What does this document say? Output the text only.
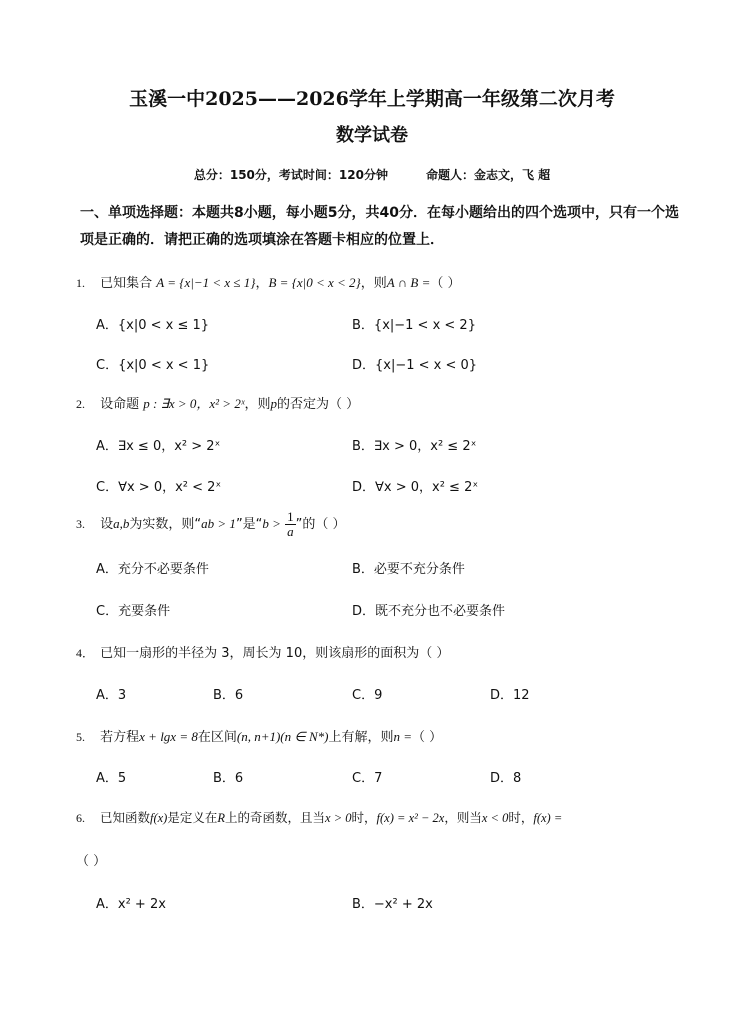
玉溪一中2025——2026学年上学期高一年级第二次月考
数学试卷
总分：150分，考试时间：120分钟	命题人：金志文，飞 超
一、单项选择题：本题共8小题，每小题5分，共40分．在每小题给出的四个选项中，只有一个选项是正确的．请把正确的选项填涂在答题卡相应的位置上．
1. 已知集合 A = {x|−1 < x ≤ 1}，B = {x|0 < x < 2}，则A ∩ B =（ ）
A．{x|0 < x ≤ 1}	B．{x|−1 < x < 2}
C．{x|0 < x < 1}	D．{x|−1 < x < 0}
2. 设命题 p : ∃x > 0，x² > 2ˣ，则p的否定为（ ）
A．∃x ≤ 0，x² > 2ˣ	B．∃x > 0，x² ≤ 2ˣ
C．∀x > 0，x² < 2ˣ	D．∀x > 0，x² ≤ 2ˣ
3. 设a,b为实数，则“ab > 1”是“$b > \frac{1}{a}$ ”的（ ）
A．充分不必要条件	B．必要不充分条件
C．充要条件	D．既不充分也不必要条件
4． 已知一扇形的半径为 3，周长为 10，则该扇形的面积为（ ）
A．3	B．6	C．9	D．12
5. 若方程x + lgx = 8在区间(n, n+1)(n ∈ N*)上有解，则n =（ ）
A．5	B．6	C．7	D．8
6. 已知函数f(x)是定义在R上的奇函数，且当x > 0时，f(x) = x² − 2x，则当x < 0时，f(x) =
（ ）
A．x² + 2x	B．−x² + 2x
